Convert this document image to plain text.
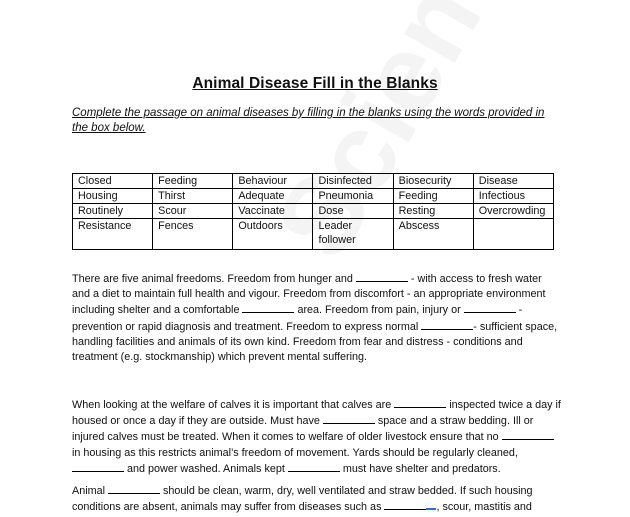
Animal Disease Fill in the Blanks
Complete the passage on animal diseases by filling in the blanks using the words provided in the box below.
Closed	Feeding	Behaviour	Disinfected	Biosecurity	Disease
Housing	Thirst	Adequate	Pneumonia	Feeding	Infectious
Routinely	Scour	Vaccinate	Dose	Resting	Overcrowding
Resistance	Fences	Outdoors	Leader follower	Abscess	
There are five animal freedoms. Freedom from hunger and	- with access to fresh water and a diet to maintain full health and vigour. Freedom from discomfort - an appropriate environment including shelter and a comfortable	area. Freedom from pain, injury or	- prevention or rapid diagnosis and treatment. Freedom to express normal	- sufficient space, handling facilities and animals of its own kind. Freedom from fear and distress - conditions and treatment (e.g. stockmanship) which prevent mental suffering.
When looking at the welfare of calves it is important that calves are	inspected twice a day if housed or once a day if they are outside. Must have	space and a straw bedding. Ill or injured calves must be treated. When it comes to welfare of older livestock ensure that no  in housing as this restricts animal’s freedom of movement. Yards should be regularly cleaned,  and power washed. Animals kept	must have shelter and predators.
Animal	should be clean, warm, dry, well ventilated and straw bedded. If such housing conditions are absent, animals may suffer from diseases such as	, scour, mastitis and
